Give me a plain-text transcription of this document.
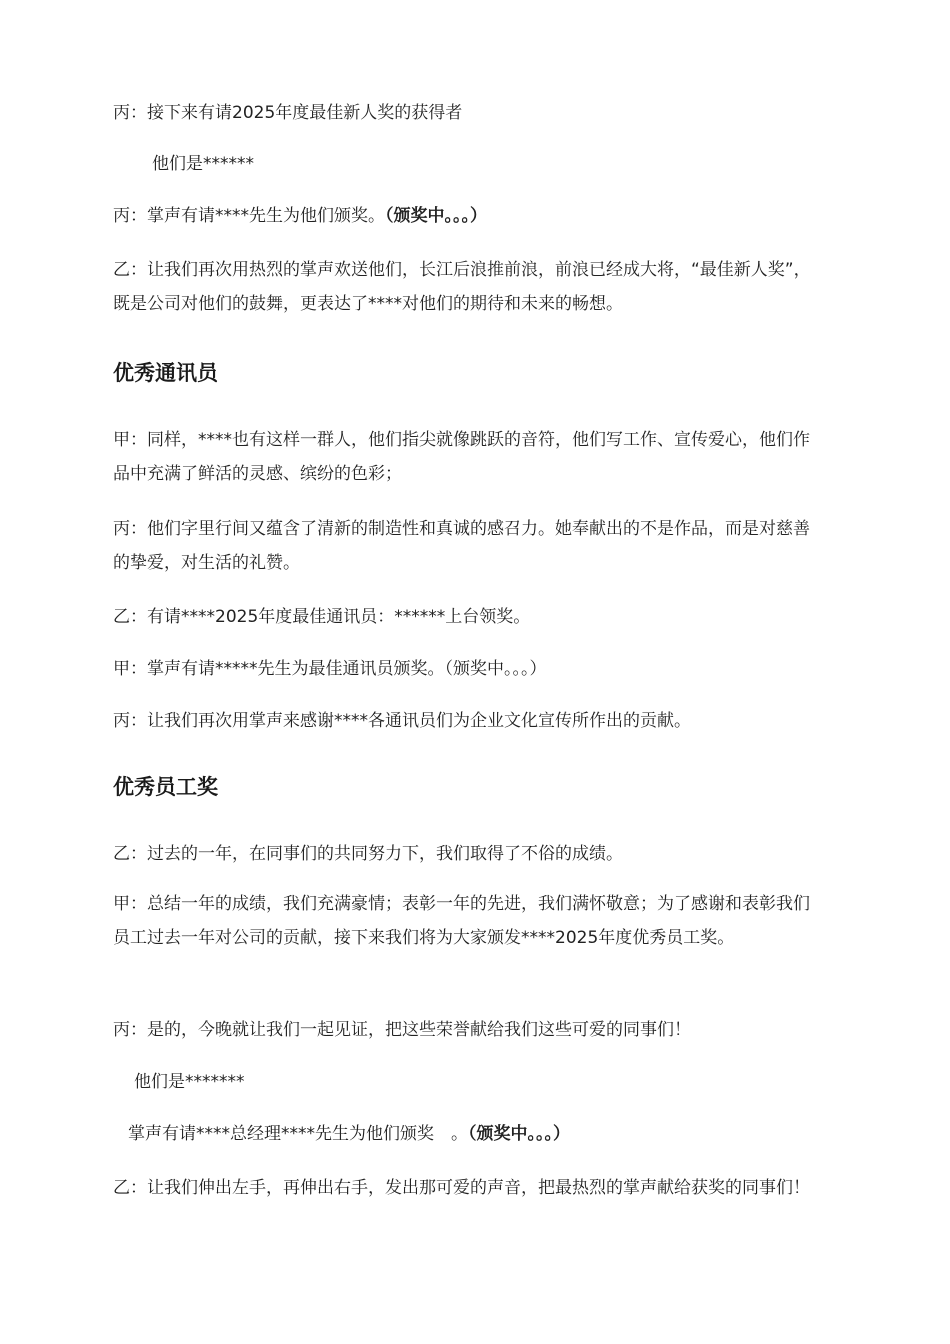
丙：接下来有请2025年度最佳新人奖的获得者

他们是******

丙：掌声有请****先生为他们颁奖。（颁奖中。。。）

乙：让我们再次用热烈的掌声欢送他们，长江后浪推前浪，前浪已经成大将，“最佳新人奖”，既是公司对他们的鼓舞，更表达了****对他们的期待和未来的畅想。

优秀通讯员

甲：同样，****也有这样一群人，他们指尖就像跳跃的音符，他们写工作、宣传爱心，他们作品中充满了鲜活的灵感、缤纷的色彩；

丙：他们字里行间又蕴含了清新的制造性和真诚的感召力。她奉献出的不是作品，而是对慈善的挚爱，对生活的礼赞。

乙：有请****2025年度最佳通讯员：******上台领奖。

甲：掌声有请*****先生为最佳通讯员颁奖。（颁奖中。。。）

丙：让我们再次用掌声来感谢****各通讯员们为企业文化宣传所作出的贡献。

优秀员工奖

乙：过去的一年，在同事们的共同努力下，我们取得了不俗的成绩。

甲：总结一年的成绩，我们充满豪情；表彰一年的先进，我们满怀敬意；为了感谢和表彰我们员工过去一年对公司的贡献，接下来我们将为大家颁发****2025年度优秀员工奖。

丙：是的，今晚就让我们一起见证，把这些荣誉献给我们这些可爱的同事们！

他们是*******

掌声有请****总经理****先生为他们颁奖　。（颁奖中。。。）

乙：让我们伸出左手，再伸出右手，发出那可爱的声音，把最热烈的掌声献给获奖的同事们！
